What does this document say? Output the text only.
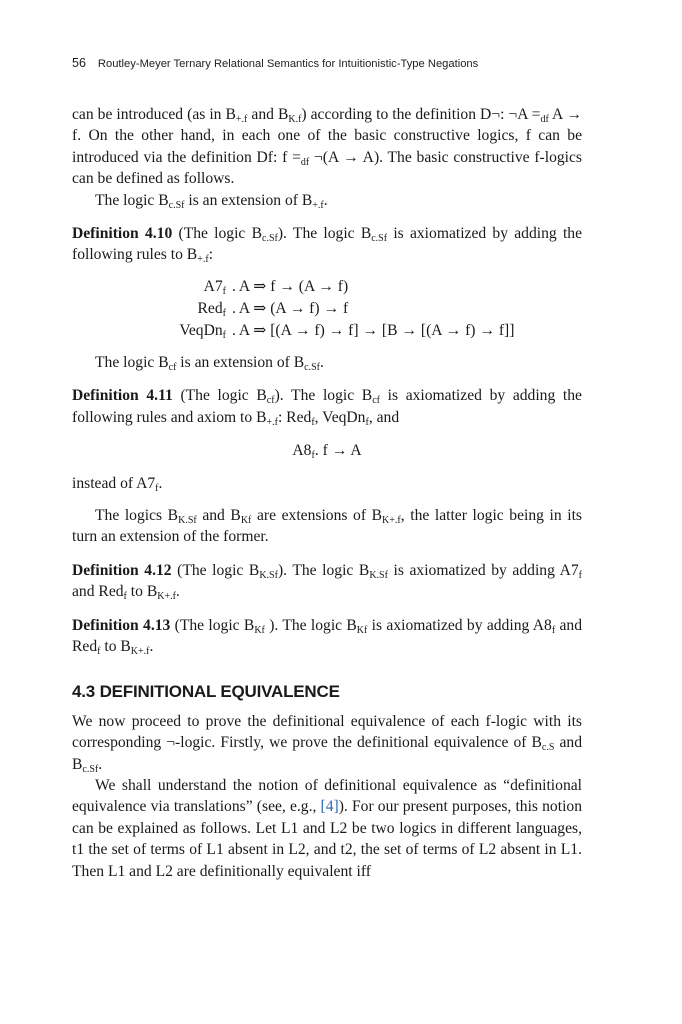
56 Routley-Meyer Ternary Relational Semantics for Intuitionistic-Type Negations

can be introduced (as in $B_{+.f}$ and $B_{K.f}$) according to the definition D¬: ¬A $=_{df}$ A → f. On the other hand, in each one of the basic constructive logics, f can be introduced via the definition Df: $f =_{df}$ ¬(A → A). The basic constructive f-logics can be defined as follows.

The logic $B_{c.Sf}$ is an extension of $B_{+.f}$.

Definition 4.10 (The logic $B_{c.Sf}$). The logic $B_{c.Sf}$ is axiomatized by adding the following rules to $B_{+.f}$:

$A7_f$ . A ⇒ f → (A → f)
Red$_f$ . A ⇒ (A → f) → f
VeqDn$_f$ . A ⇒ [(A → f) → f] → [B → [(A → f) → f]]

The logic $B_{cf}$ is an extension of $B_{c.Sf}$.

Definition 4.11 (The logic $B_{cf}$). The logic $B_{cf}$ is axiomatized by adding the following rules and axiom to $B_{+.f}$: Red$_f$, VeqDn$_f$, and

$A8_f$. f → A

instead of $A7_f$.

The logics $B_{K.Sf}$ and $B_{Kf}$ are extensions of $B_{K+.f}$, the latter logic being in its turn an extension of the former.

Definition 4.12 (The logic $B_{K.Sf}$). The logic $B_{K.Sf}$ is axiomatized by adding $A7_f$ and Red$_f$ to $B_{K+.f}$.

Definition 4.13 (The logic $B_{Kf}$ ). The logic $B_{Kf}$ is axiomatized by adding $A8_f$ and Red$_f$ to $B_{K+.f}$.

4.3 DEFINITIONAL EQUIVALENCE

We now proceed to prove the definitional equivalence of each f-logic with its corresponding ¬-logic. Firstly, we prove the definitional equivalence of $B_{c.S}$ and $B_{c.Sf}$.

We shall understand the notion of definitional equivalence as “definitional equivalence via translations” (see, e.g., [4]). For our present purposes, this notion can be explained as follows. Let L1 and L2 be two logics in different languages, t1 the set of terms of L1 absent in L2, and t2, the set of terms of L2 absent in L1. Then L1 and L2 are definitionally equivalent iff
